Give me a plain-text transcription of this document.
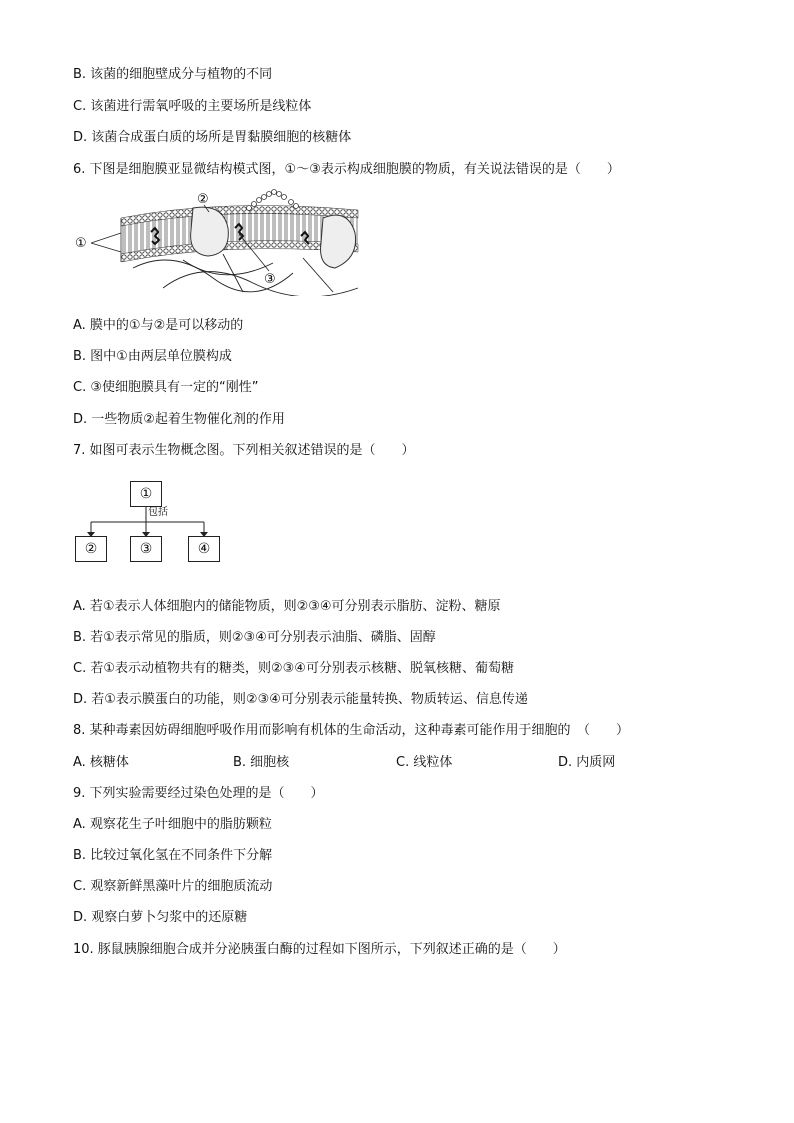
B. 该菌的细胞壁成分与植物的不同
C. 该菌进行需氧呼吸的主要场所是线粒体
D. 该菌合成蛋白质的场所是胃黏膜细胞的核糖体
6. 下图是细胞膜亚显微结构模式图，①～③表示构成细胞膜的物质，有关说法错误的是（　　）
①
②
③
A. 膜中的①与②是可以移动的
B. 图中①由两层单位膜构成
C. ③使细胞膜具有一定的“刚性”
D. 一些物质②起着生物催化剂的作用
7. 如图可表示生物概念图。下列相关叙述错误的是（　　）
①
包括
②	③	④
A. 若①表示人体细胞内的储能物质，则②③④可分别表示脂肪、淀粉、糖原
B. 若①表示常见的脂质，则②③④可分别表示油脂、磷脂、固醇
C. 若①表示动植物共有的糖类，则②③④可分别表示核糖、脱氧核糖、葡萄糖
D. 若①表示膜蛋白的功能，则②③④可分别表示能量转换、物质转运、信息传递
8. 某种毒素因妨碍细胞呼吸作用而影响有机体的生命活动，这种毒素可能作用于细胞的　（　　）
A. 核糖体	B. 细胞核	C. 线粒体	D. 内质网
9. 下列实验需要经过染色处理的是（　　）
A. 观察花生子叶细胞中的脂肪颗粒
B. 比较过氧化氢在不同条件下分解
C. 观察新鲜黑藻叶片的细胞质流动
D. 观察白萝卜匀浆中的还原糖
10. 豚鼠胰腺细胞合成并分泌胰蛋白酶的过程如下图所示，下列叙述正确的是（　　）
